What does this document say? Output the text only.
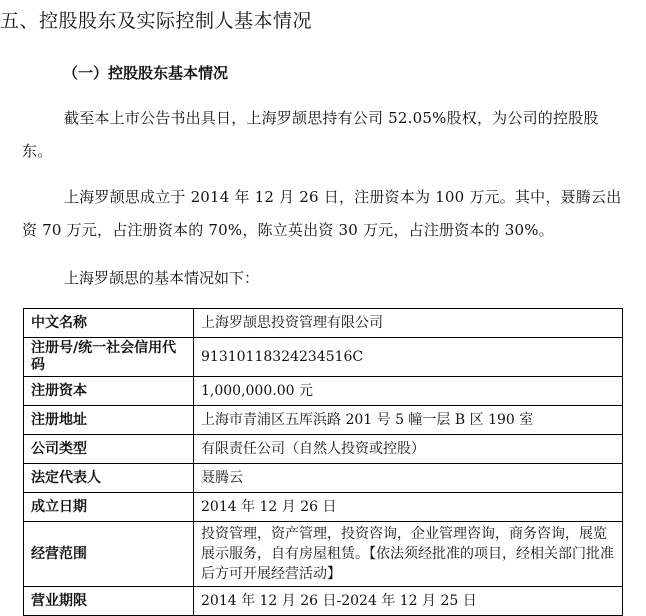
五、控股股东及实际控制人基本情况
（一）控股股东基本情况
截至本上市公告书出具日，上海罗颉思持有公司 52.05%股权，为公司的控股股东。
上海罗颉思成立于 2014 年 12 月 26 日，注册资本为 100 万元。其中，聂腾云出资 70 万元，占注册资本的 70%，陈立英出资 30 万元，占注册资本的 30%。
上海罗颉思的基本情况如下：
中文名称	上海罗颉思投资管理有限公司
注册号/统一社会信用代码	91310118324234516C
注册资本	1,000,000.00 元
注册地址	上海市青浦区五厍浜路 201 号 5 幢一层 B 区 190 室
公司类型	有限责任公司（自然人投资或控股）
法定代表人	聂腾云
成立日期	2014 年 12 月 26 日
经营范围	投资管理，资产管理，投资咨询，企业管理咨询，商务咨询，展览展示服务，自有房屋租赁。【依法须经批准的项目，经相关部门批准后方可开展经营活动】
营业期限	2014 年 12 月 26 日-2024 年 12 月 25 日
